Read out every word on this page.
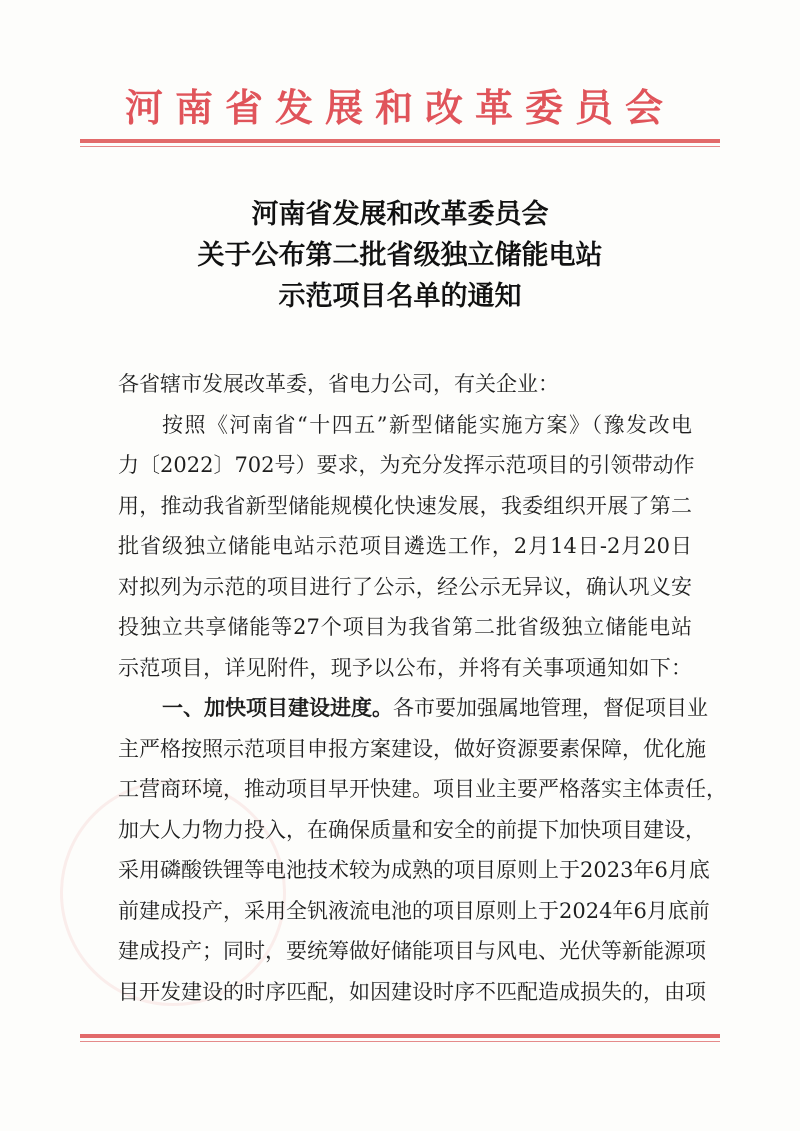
河南省发展和改革委员会
河南省发展和改革委员会
关于公布第二批省级独立储能电站
示范项目名单的通知
各省辖市发展改革委，省电力公司，有关企业：
按照《河南省“十四五”新型储能实施方案》（豫发改电
力〔2022〕702号）要求，为充分发挥示范项目的引领带动作
用，推动我省新型储能规模化快速发展，我委组织开展了第二
批省级独立储能电站示范项目遴选工作，2月14日-2月20日
对拟列为示范的项目进行了公示，经公示无异议，确认巩义安
投独立共享储能等27个项目为我省第二批省级独立储能电站
示范项目，详见附件，现予以公布，并将有关事项通知如下：
一、加快项目建设进度。各市要加强属地管理，督促项目业
主严格按照示范项目申报方案建设，做好资源要素保障，优化施
工营商环境，推动项目早开快建。项目业主要严格落实主体责任，
加大人力物力投入，在确保质量和安全的前提下加快项目建设，
采用磷酸铁锂等电池技术较为成熟的项目原则上于2023年6月底
前建成投产，采用全钒液流电池的项目原则上于2024年6月底前
建成投产；同时，要统筹做好储能项目与风电、光伏等新能源项
目开发建设的时序匹配，如因建设时序不匹配造成损失的，由项
